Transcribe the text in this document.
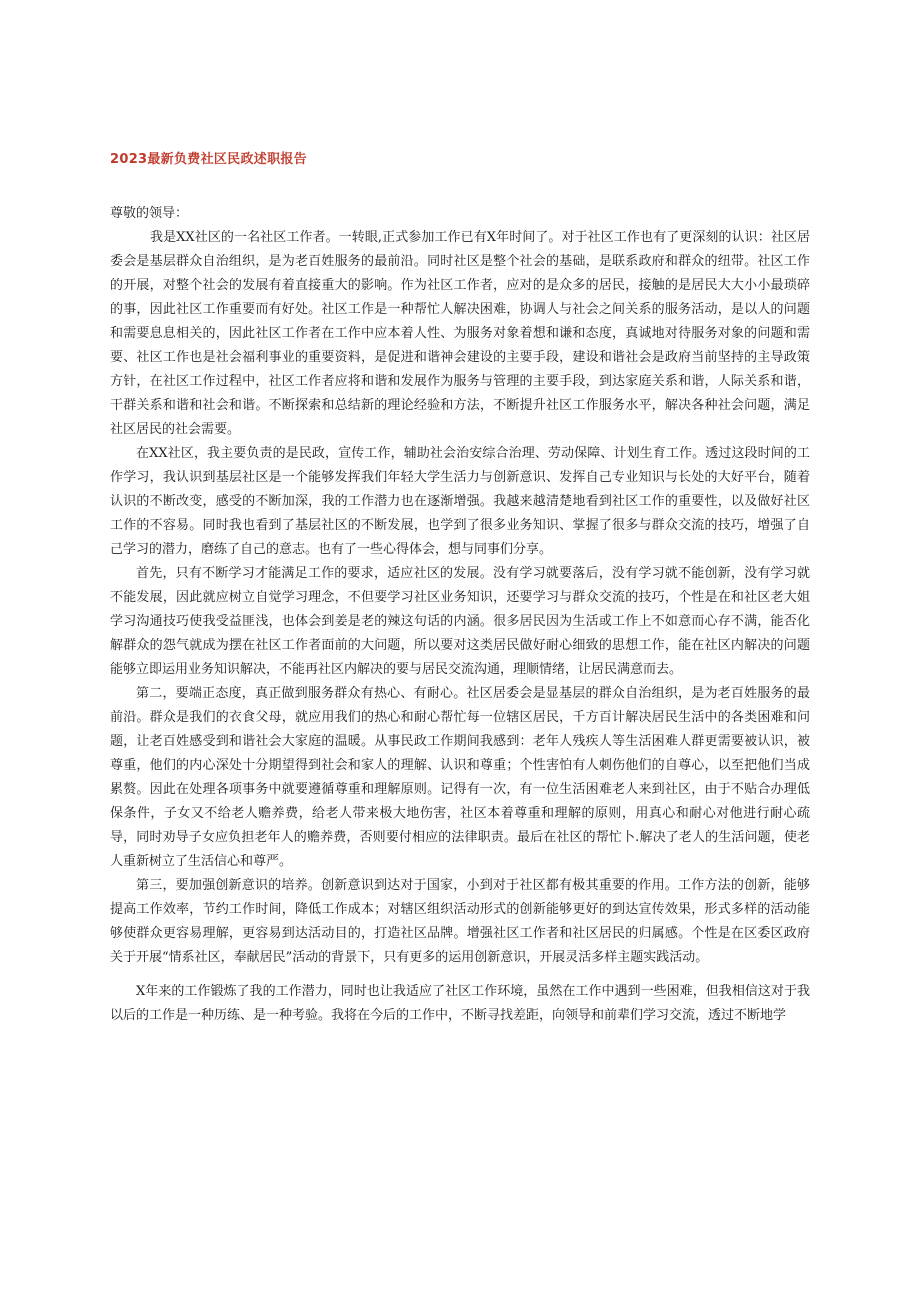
2023最新负费社区民政述职报告

尊敬的领导：

我是XX社区的一名社区工作者。一转眼,正式参加工作已有X年时间了。对于社区工作也有了更深刻的认识：社区居委会是基层群众自治组织，是为老百姓服务的最前沿。同时社区是整个社会的基础，是联系政府和群众的纽带。社区工作的开展，对整个社会的发展有着直接重大的影响。作为社区工作者，应对的是众多的居民，接触的是居民大大小小最琐碎的事，因此社区工作重要而有好处。社区工作是一种帮忙人解决困难，协调人与社会之间关系的服务活动，是以人的问题和需要息息相关的，因此社区工作者在工作中应本着人性、为服务对象着想和谦和态度，真诚地对待服务对象的问题和需要、社区工作也是社会福利事业的重要资料，是促进和谐神会建设的主要手段，建设和谐社会是政府当前坚持的主导政策方针，在社区工作过程中，社区工作者应将和谐和发展作为服务与管理的主要手段，到达家庭关系和谐，人际关系和谐，干群关系和谐和社会和谐。不断探索和总结新的理论经验和方法，不断提升社区工作服务水平，解决各种社会问题，满足社区居民的社会需要。

在XX社区，我主要负责的是民政，宣传工作，辅助社会治安综合治理、劳动保障、计划生育工作。透过这段时间的工作学习，我认识到基层社区是一个能够发挥我们年轻大学生活力与创新意识、发挥自己专业知识与长处的大好平台，随着认识的不断改变，感受的不断加深，我的工作潜力也在逐渐增强。我越来越清楚地看到社区工作的重要性，以及做好社区工作的不容易。同时我也看到了基层社区的不断发展，也学到了很多业务知识、掌握了很多与群众交流的技巧，增强了自己学习的潜力，磨练了自己的意志。也有了一些心得体会，想与同事们分享。

首先，只有不断学习才能满足工作的要求，适应社区的发展。没有学习就要落后，没有学习就不能创新，没有学习就不能发展，因此就应树立自觉学习理念，不但要学习社区业务知识，还要学习与群众交流的技巧，个性是在和社区老大姐学习沟通技巧使我受益匪浅，也体会到姜是老的辣这句话的内涵。很多居民因为生活或工作上不如意而心存不满，能否化解群众的怨气就成为摆在社区工作者面前的大问题，所以要对这类居民做好耐心细致的思想工作，能在社区内解决的问题能够立即运用业务知识解决，不能再社区内解决的要与居民交流沟通，理顺情绪，让居民满意而去。

第二，要端正态度，真正做到服务群众有热心、有耐心。社区居委会是显基层的群众自治组织，是为老百姓服务的最前沿。群众是我们的衣食父母，就应用我们的热心和耐心帮忙每一位辖区居民，千方百计解决居民生活中的各类困难和问题，让老百姓感受到和谐社会大家庭的温暖。从事民政工作期间我感到：老年人残疾人等生活困难人群更需要被认识，被尊重，他们的内心深处十分期望得到社会和家人的理解、认识和尊重；个性害怕有人刺伤他们的自尊心，以至把他们当成累赘。因此在处理各项事务中就要遵循尊重和理解原则。记得有一次，有一位生活困难老人来到社区，由于不贴合办理低保条件，子女又不给老人赡养费，给老人带来极大地伤害，社区本着尊重和理解的原则，用真心和耐心对他进行耐心疏导，同时劝导子女应负担老年人的赡养费，否则要付相应的法律职责。最后在社区的帮忙卜.解决了老人的生活问题，使老人重新树立了生活信心和尊严。

第三，要加强创新意识的培养。创新意识到达对于国家，小到对于社区都有极其重要的作用。工作方法的创新，能够提高工作效率，节约工作时间，降低工作成本；对辖区组织活动形式的创新能够更好的到达宣传效果，形式多样的活动能够使群众更容易理解，更容易到达活动目的，打造社区品牌。增强社区工作者和社区居民的归属感。个性是在区委区政府关于开展“情系社区，奉献居民”活动的背景下，只有更多的运用创新意识，开展灵活多样主题实践活动。

X年来的工作锻炼了我的工作潜力，同时也让我适应了社区工作环境，虽然在工作中遇到一些困难，但我相信这对于我以后的工作是一种历练、是一种考验。我将在今后的工作中，不断寻找差距，向领导和前辈们学习交流，透过不断地学
